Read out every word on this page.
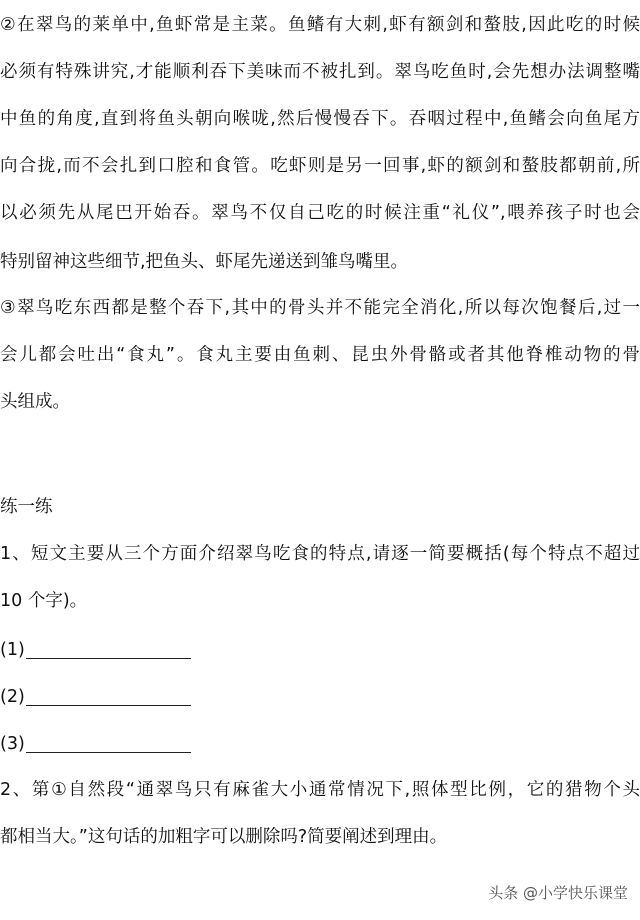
②在翠鸟的莱单中,鱼虾常是主菜。鱼鳍有大刺,虾有额剑和螯肢,因此吃的时候
必须有特殊讲究,才能顺利吞下美味而不被扎到。翠鸟吃鱼时,会先想办法调整嘴
中鱼的角度,直到将鱼头朝向喉咙,然后慢慢吞下。吞咽过程中,鱼鳍会向鱼尾方
向合拢,而不会扎到口腔和食管。吃虾则是另一回事,虾的额剑和螯肢都朝前,所
以必须先从尾巴开始吞。翠鸟不仅自己吃的时候注重“礼仪”,喂养孩子时也会
特别留神这些细节,把鱼头、虾尾先递送到雏鸟嘴里。
③翠鸟吃东西都是整个吞下,其中的骨头并不能完全消化,所以每次饱餐后,过一
会儿都会吐出“食丸”。食丸主要由鱼刺、昆虫外骨骼或者其他脊椎动物的骨
头组成。
练一练
1、短文主要从三个方面介绍翠鸟吃食的特点,请逐一简要概括(每个特点不超过
10 个字)。
(1)
(2)
(3)
2、第①自然段“通翠鸟只有麻雀大小通常情况下,照体型比例，它的猎物个头
都相当大。”这句话的加粗字可以删除吗?简要阐述到理由。
头条 @小学快乐课堂
